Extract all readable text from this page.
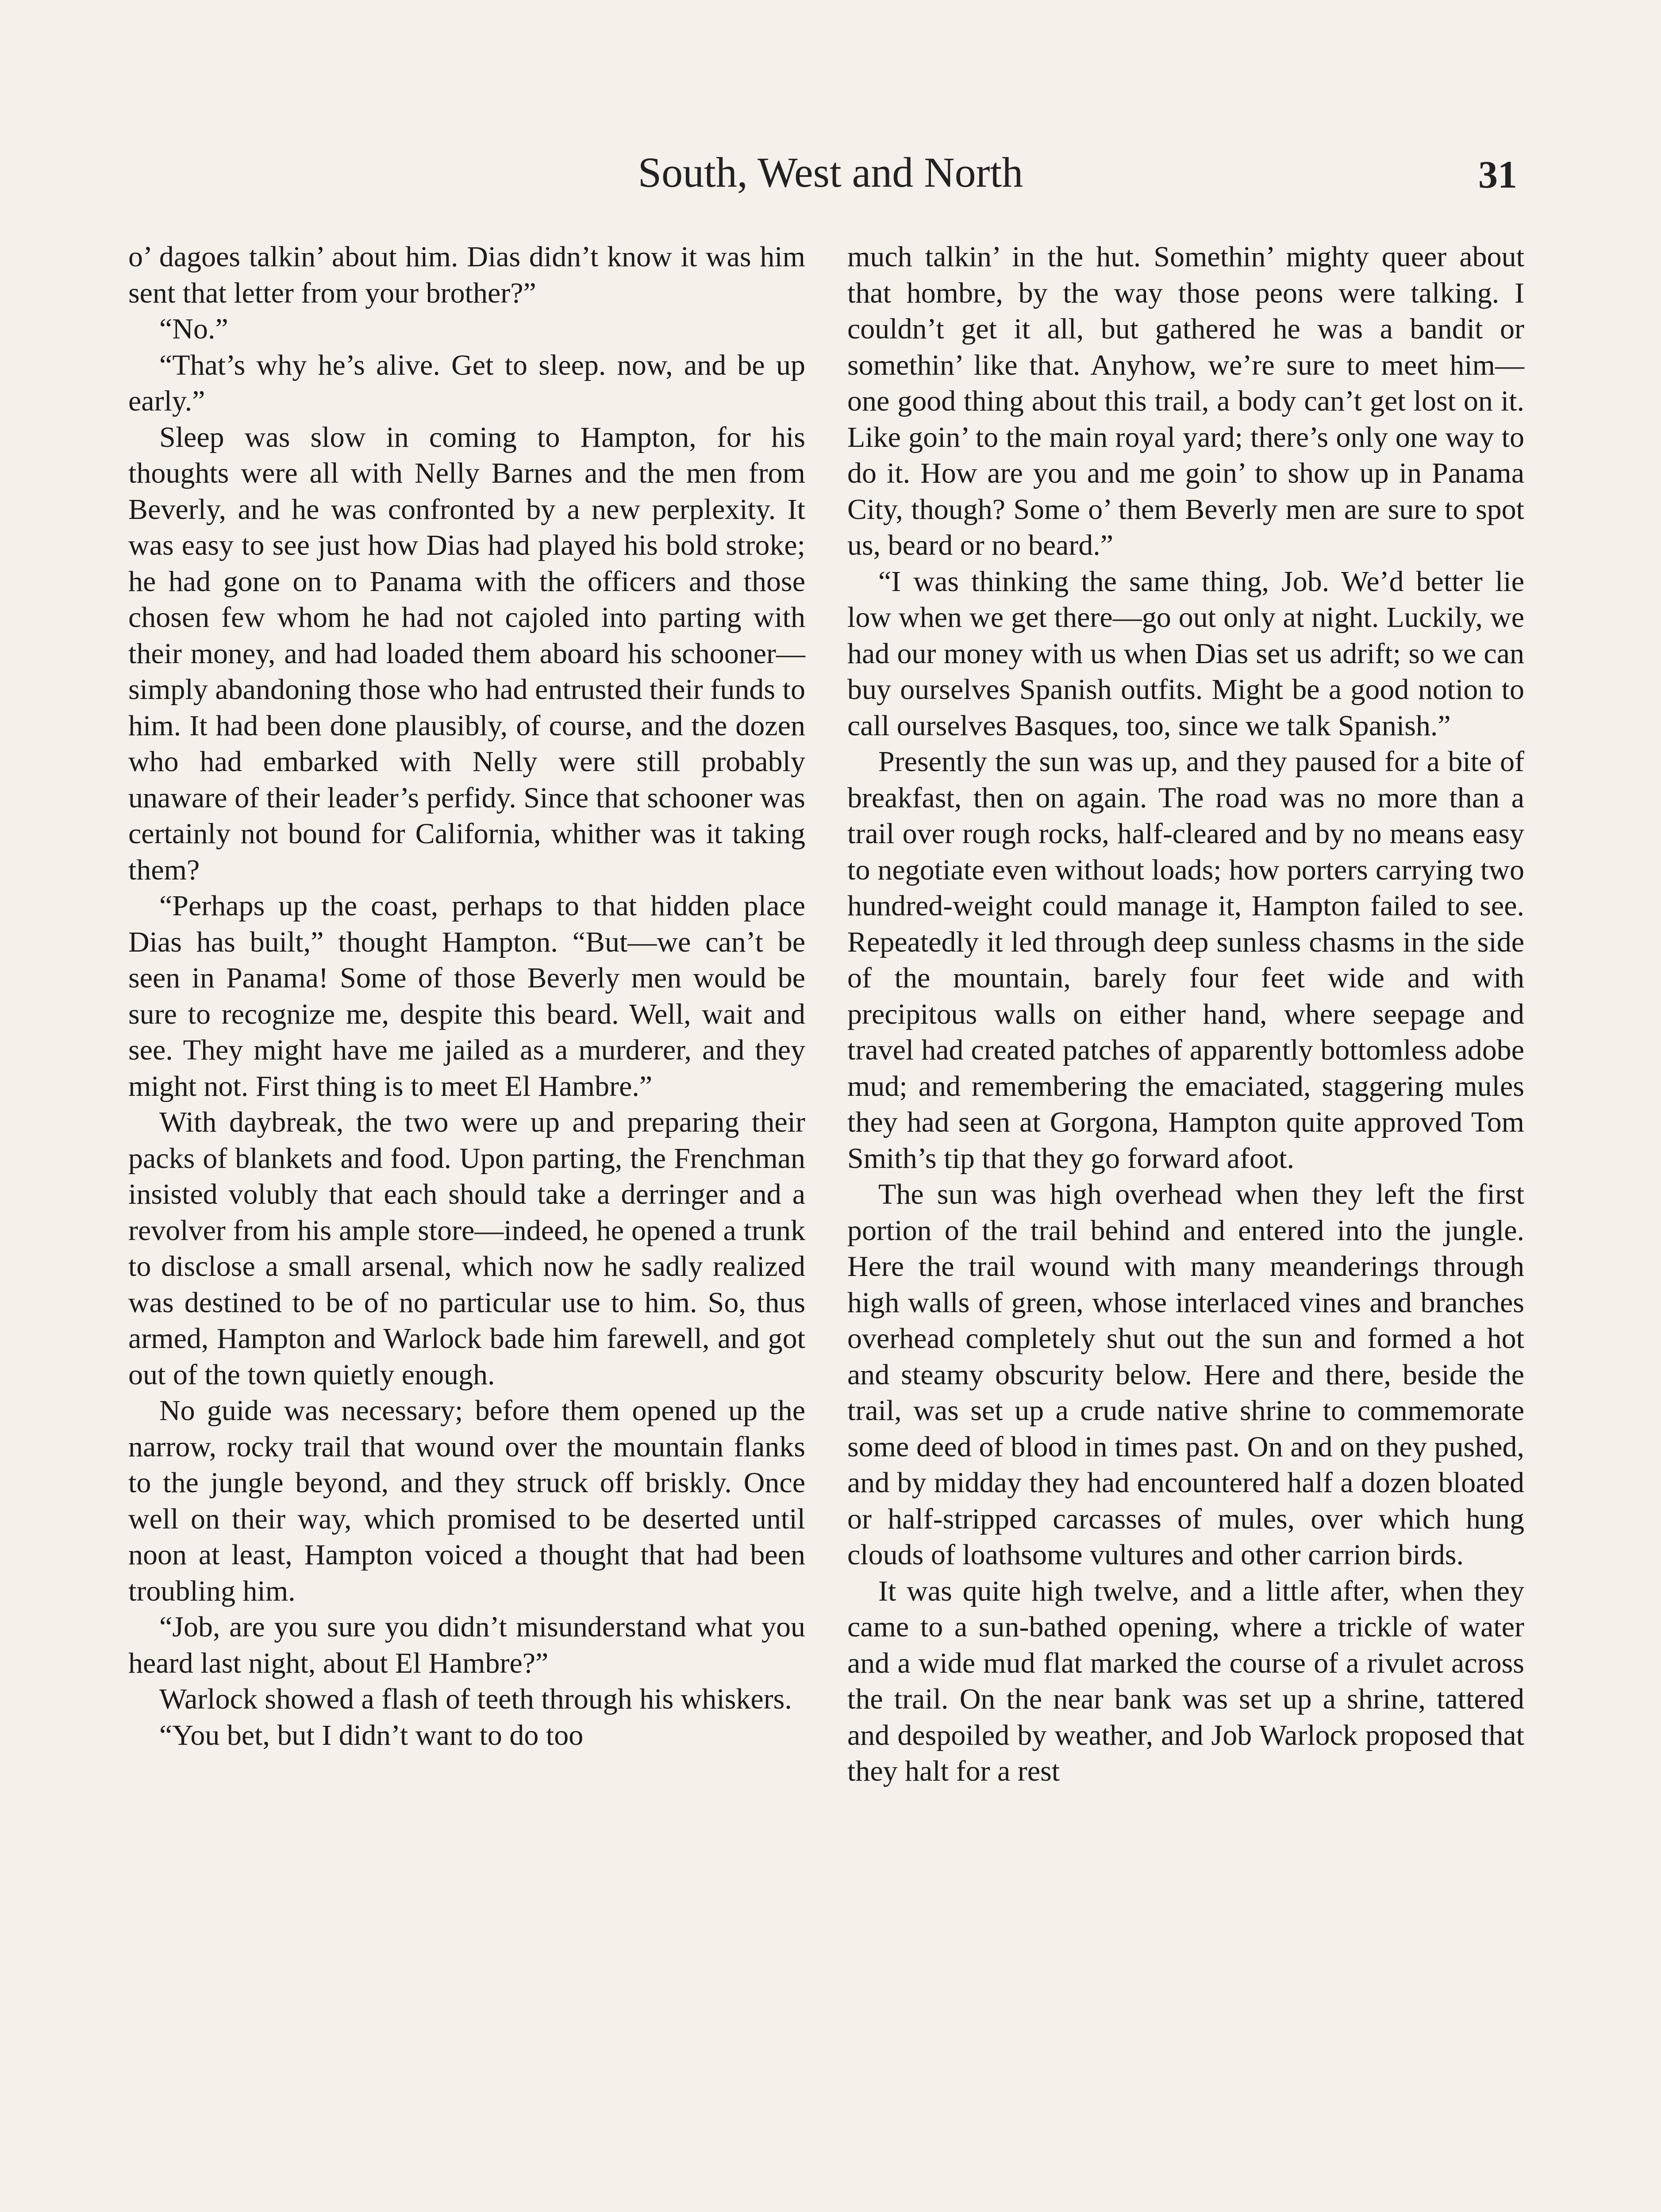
South, West and North	31

o’ dagoes talkin’ about him. Dias didn’t know it was him sent that letter from your brother?”

“No.”

“That’s why he’s alive. Get to sleep. now, and be up early.”

Sleep was slow in coming to Hampton, for his thoughts were all with Nelly Barnes and the men from Beverly, and he was confronted by a new perplexity. It was easy to see just how Dias had played his bold stroke; he had gone on to Panama with the officers and those chosen few whom he had not cajoled into parting with their money, and had loaded them aboard his schooner—simply abandoning those who had entrusted their funds to him. It had been done plausibly, of course, and the dozen who had embarked with Nelly were still probably unaware of their leader’s perfidy. Since that schooner was certainly not bound for California, whither was it taking them?

“Perhaps up the coast, perhaps to that hidden place Dias has built,” thought Hampton. “But—we can’t be seen in Panama! Some of those Beverly men would be sure to recognize me, despite this beard. Well, wait and see. They might have me jailed as a murderer, and they might not. First thing is to meet El Hambre.”

With daybreak, the two were up and preparing their packs of blankets and food. Upon parting, the Frenchman insisted volubly that each should take a derringer and a revolver from his ample store—indeed, he opened a trunk to disclose a small arsenal, which now he sadly realized was destined to be of no particular use to him. So, thus armed, Hampton and Warlock bade him farewell, and got out of the town quietly enough.

No guide was necessary; before them opened up the narrow, rocky trail that wound over the mountain flanks to the jungle beyond, and they struck off briskly. Once well on their way, which promised to be deserted until noon at least, Hampton voiced a thought that had been troubling him.

“Job, are you sure you didn’t misunderstand what you heard last night, about El Hambre?”

Warlock showed a flash of teeth through his whiskers.

“You bet, but I didn’t want to do too

much talkin’ in the hut. Somethin’ mighty queer about that hombre, by the way those peons were talking. I couldn’t get it all, but gathered he was a bandit or somethin’ like that. Anyhow, we’re sure to meet him—one good thing about this trail, a body can’t get lost on it. Like goin’ to the main royal yard; there’s only one way to do it. How are you and me goin’ to show up in Panama City, though? Some o’ them Beverly men are sure to spot us, beard or no beard.”

“I was thinking the same thing, Job. We’d better lie low when we get there—go out only at night. Luckily, we had our money with us when Dias set us adrift; so we can buy ourselves Spanish outfits. Might be a good notion to call ourselves Basques, too, since we talk Spanish.”

Presently the sun was up, and they paused for a bite of breakfast, then on again. The road was no more than a trail over rough rocks, half-cleared and by no means easy to negotiate even without loads; how porters carrying two hundred-weight could manage it, Hampton failed to see. Repeatedly it led through deep sunless chasms in the side of the mountain, barely four feet wide and with precipitous walls on either hand, where seepage and travel had created patches of apparently bottomless adobe mud; and remembering the emaciated, staggering mules they had seen at Gorgona, Hampton quite approved Tom Smith’s tip that they go forward afoot.

The sun was high overhead when they left the first portion of the trail behind and entered into the jungle. Here the trail wound with many meanderings through high walls of green, whose interlaced vines and branches overhead completely shut out the sun and formed a hot and steamy obscurity below. Here and there, beside the trail, was set up a crude native shrine to commemorate some deed of blood in times past. On and on they pushed, and by midday they had encountered half a dozen bloated or half-stripped carcasses of mules, over which hung clouds of loathsome vultures and other carrion birds.

It was quite high twelve, and a little after, when they came to a sun-bathed opening, where a trickle of water and a wide mud flat marked the course of a rivulet across the trail. On the near bank was set up a shrine, tattered and despoiled by weather, and Job Warlock proposed that they halt for a rest
